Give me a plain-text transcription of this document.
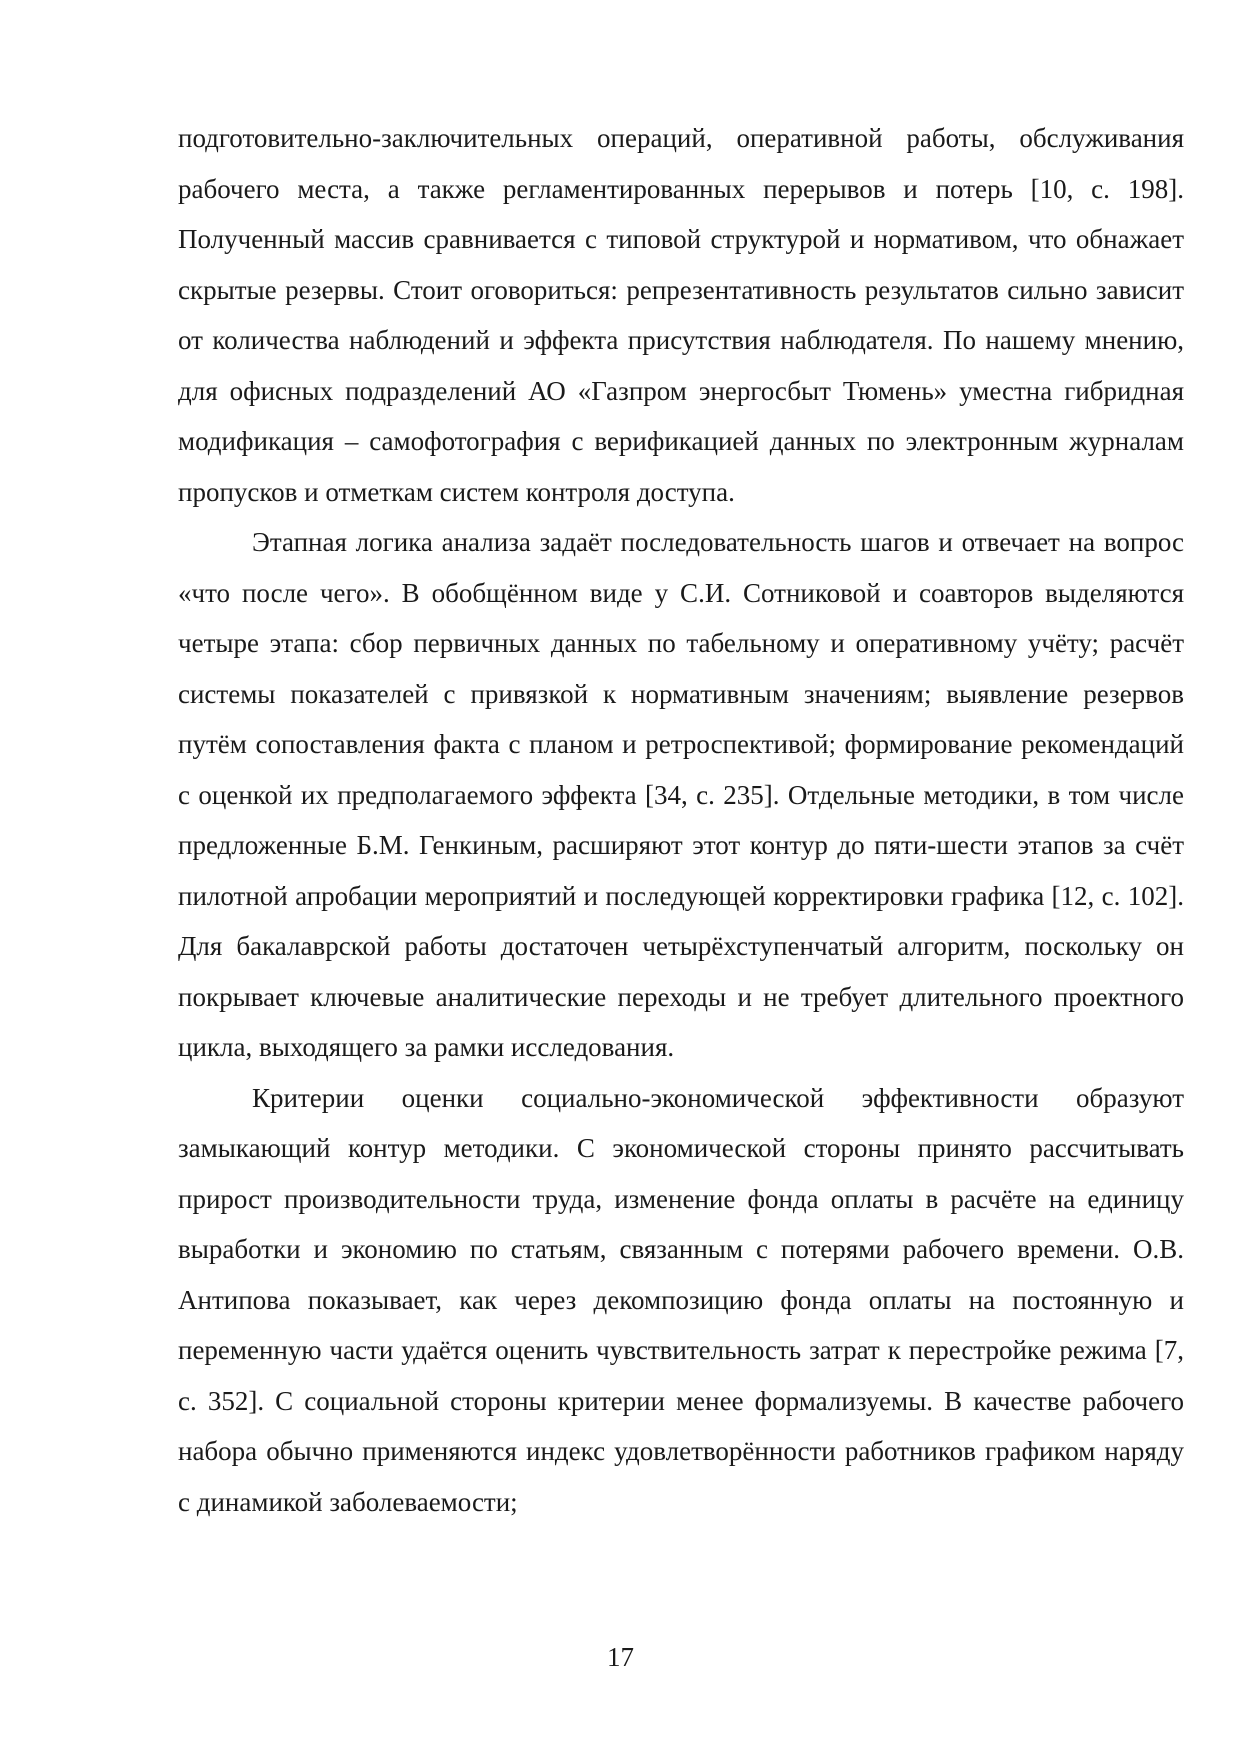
подготовительно-заключительных операций, оперативной работы, обслуживания рабочего места, а также регламентированных перерывов и потерь [10, с. 198]. Полученный массив сравнивается с типовой структурой и нормативом, что обнажает скрытые резервы. Стоит оговориться: репрезентативность результатов сильно зависит от количества наблюдений и эффекта присутствия наблюдателя. По нашему мнению, для офисных подразделений АО «Газпром энергосбыт Тюмень» уместна гибридная модификация – самофотография с верификацией данных по электронным журналам пропусков и отметкам систем контроля доступа.

Этапная логика анализа задаёт последовательность шагов и отвечает на вопрос «что после чего». В обобщённом виде у С.И. Сотниковой и соавторов выделяются четыре этапа: сбор первичных данных по табельному и оперативному учёту; расчёт системы показателей с привязкой к нормативным значениям; выявление резервов путём сопоставления факта с планом и ретроспективой; формирование рекомендаций с оценкой их предполагаемого эффекта [34, с. 235]. Отдельные методики, в том числе предложенные Б.М. Генкиным, расширяют этот контур до пяти-шести этапов за счёт пилотной апробации мероприятий и последующей корректировки графика [12, с. 102]. Для бакалаврской работы достаточен четырёхступенчатый алгоритм, поскольку он покрывает ключевые аналитические переходы и не требует длительного проектного цикла, выходящего за рамки исследования.

Критерии оценки социально-экономической эффективности образуют замыкающий контур методики. С экономической стороны принято рассчитывать прирост производительности труда, изменение фонда оплаты в расчёте на единицу выработки и экономию по статьям, связанным с потерями рабочего времени. О.В. Антипова показывает, как через декомпозицию фонда оплаты на постоянную и переменную части удаётся оценить чувствительность затрат к перестройке режима [7, с. 352]. С социальной стороны критерии менее формализуемы. В качестве рабочего набора обычно применяются индекс удовлетворённости работников графиком наряду с динамикой заболеваемости;

17
